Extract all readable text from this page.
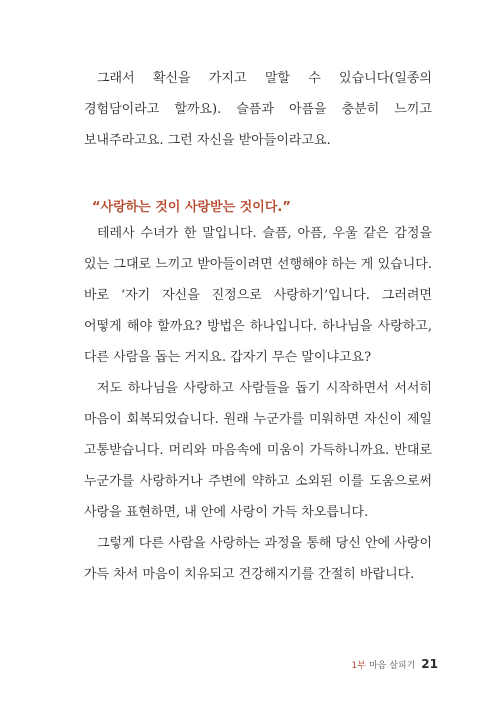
그래서 확신을 가지고 말할 수 있습니다(일종의 경험담이라고 할까요). 슬픔과 아픔을 충분히 느끼고 보내주라고요. 그런 자신을 받아들이라고요.

“사랑하는 것이 사랑받는 것이다.”

테레사 수녀가 한 말입니다. 슬픔, 아픔, 우울 같은 감정을 있는 그대로 느끼고 받아들이려면 선행해야 하는 게 있습니다. 바로 ‘자기 자신을 진정으로 사랑하기’입니다. 그러려면 어떻게 해야 할까요? 방법은 하나입니다. 하나님을 사랑하고, 다른 사람을 돕는 거지요. 갑자기 무슨 말이냐고요?

저도 하나님을 사랑하고 사람들을 돕기 시작하면서 서서히 마음이 회복되었습니다. 원래 누군가를 미워하면 자신이 제일 고통받습니다. 머리와 마음속에 미움이 가득하니까요. 반대로 누군가를 사랑하거나 주변에 약하고 소외된 이를 도움으로써 사랑을 표현하면, 내 안에 사랑이 가득 차오릅니다.

그렇게 다른 사람을 사랑하는 과정을 통해 당신 안에 사랑이 가득 차서 마음이 치유되고 건강해지기를 간절히 바랍니다.

1부 마음 살피기 21
